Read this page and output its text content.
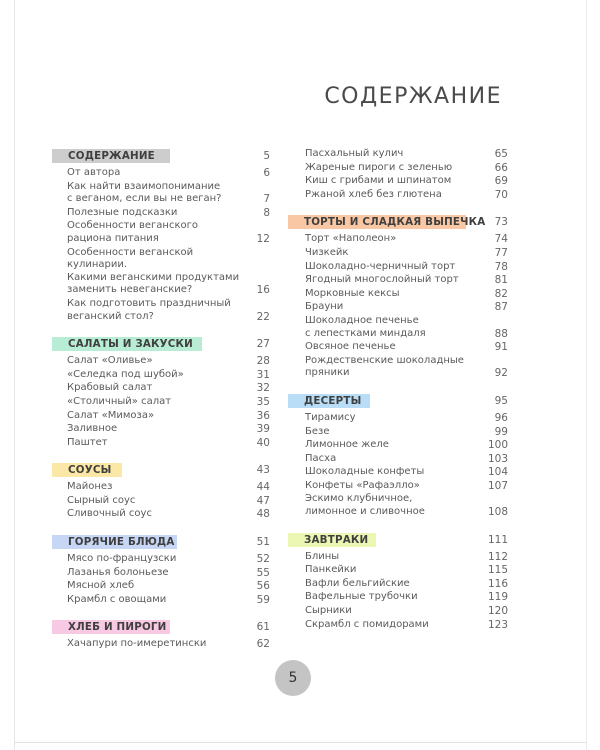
СОДЕРЖАНИЕ
СОДЕРЖАНИЕ	5
От автора	6
Как найти взаимопонимание
с веганом, если вы не веган?	7
Полезные подсказки	8
Особенности веганского
рациона питания	12
Особенности веганской кулинарии.
Какими веганскими продуктами
заменить невеганские?	16
Как подготовить праздничный
веганский стол?	22
САЛАТЫ И ЗАКУСКИ	27
Салат «Оливье»	28
«Селедка под шубой»	31
Крабовый салат	32
«Столичный» салат	35
Салат «Мимоза»	36
Заливное	39
Паштет	40
СОУСЫ	43
Майонез	44
Сырный соус	47
Сливочный соус	48
ГОРЯЧИЕ БЛЮДА	51
Мясо по-французски	52
Лазанья болоньезе	55
Мясной хлеб	56
Крамбл с овощами	59
ХЛЕБ И ПИРОГИ	61
Хачапури по-имеретински	62
Пасхальный кулич	65
Жареные пироги с зеленью	66
Киш с грибами и шпинатом	69
Ржаной хлеб без глютена	70
ТОРТЫ И СЛАДКАЯ ВЫПЕЧКА 73
Торт «Наполеон»	74
Чизкейк	77
Шоколадно-черничный торт	78
Ягодный многослойный торт	81
Морковные кексы	82
Брауни	87
Шоколадное печенье
с лепестками миндаля	88
Овсяное печенье	91
Рождественские шоколадные
пряники	92
ДЕСЕРТЫ	95
Тирамису	96
Безе	99
Лимонное желе	100
Пасха	103
Шоколадные конфеты	104
Конфеты «Рафаэлло»	107
Эскимо клубничное,
лимонное и сливочное	108
ЗАВТРАКИ	111
Блины	112
Панкейки	115
Вафли бельгийские	116
Вафельные трубочки	119
Сырники	120
Скрамбл с помидорами	123
5
